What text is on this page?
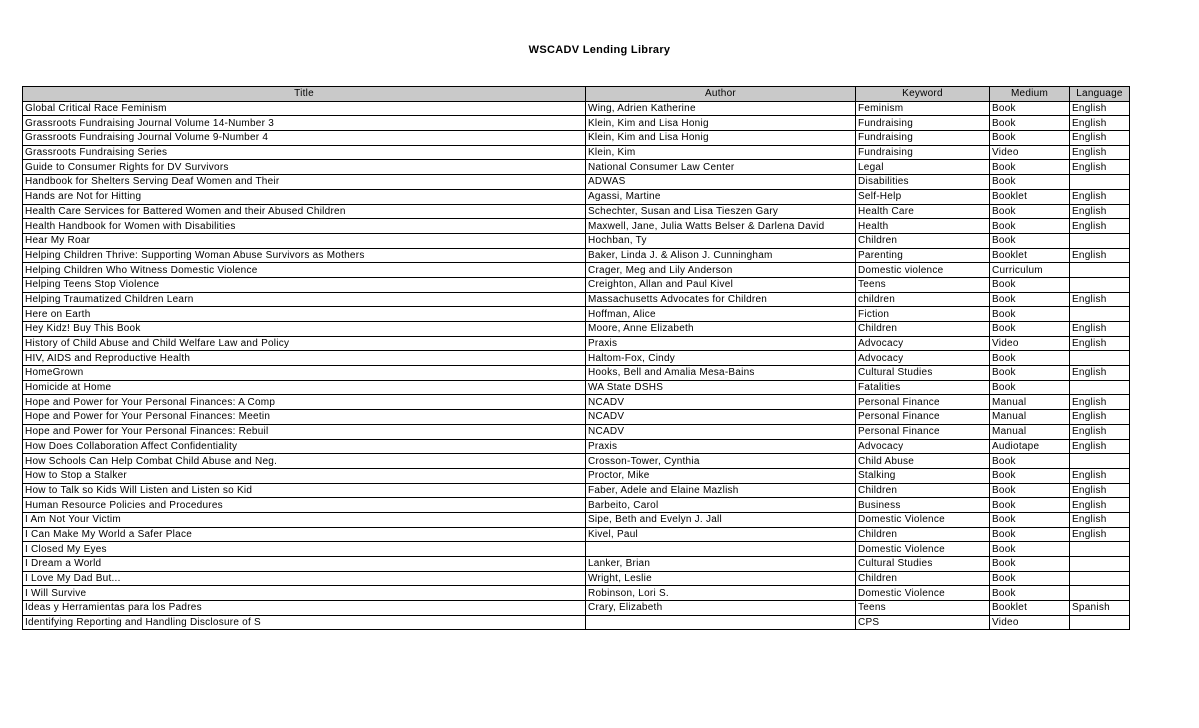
WSCADV Lending Library
Title	Author	Keyword	Medium	Language
Global Critical Race Feminism	Wing, Adrien Katherine	Feminism	Book	English
Grassroots Fundraising Journal Volume 14-Number 3	Klein, Kim and Lisa Honig	Fundraising	Book	English
Grassroots Fundraising Journal Volume 9-Number 4	Klein, Kim and Lisa Honig	Fundraising	Book	English
Grassroots Fundraising Series	Klein, Kim	Fundraising	Video	English
Guide to Consumer Rights for DV Survivors	National Consumer Law Center	Legal	Book	English
Handbook for Shelters Serving Deaf Women and Their	ADWAS	Disabilities	Book	
Hands are Not for Hitting	Agassi, Martine	Self-Help	Booklet	English
Health Care Services for Battered Women and their Abused Children	Schechter, Susan and Lisa Tieszen Gary	Health Care	Book	English
Health Handbook for Women with Disabilities	Maxwell, Jane, Julia Watts Belser & Darlena David	Health	Book	English
Hear My Roar	Hochban, Ty	Children	Book	
Helping Children Thrive: Supporting Woman Abuse Survivors as Mothers	Baker, Linda J. & Alison J. Cunningham	Parenting	Booklet	English
Helping Children Who Witness Domestic Violence	Crager, Meg and Lily Anderson	Domestic violence	Curriculum	
Helping Teens Stop Violence	Creighton, Allan and Paul Kivel	Teens	Book	
Helping Traumatized Children Learn	Massachusetts Advocates for Children	children	Book	English
Here on Earth	Hoffman, Alice	Fiction	Book	
Hey Kidz! Buy This Book	Moore, Anne Elizabeth	Children	Book	English
History of Child Abuse and Child Welfare Law and Policy	Praxis	Advocacy	Video	English
HIV, AIDS and Reproductive Health	Haltom-Fox, Cindy	Advocacy	Book	
HomeGrown	Hooks, Bell and Amalia Mesa-Bains	Cultural Studies	Book	English
Homicide at Home	WA State DSHS	Fatalities	Book	
Hope and Power for Your Personal Finances: A Comp	NCADV	Personal Finance	Manual	English
Hope and Power for Your Personal Finances: Meetin	NCADV	Personal Finance	Manual	English
Hope and Power for Your Personal Finances: Rebuil	NCADV	Personal Finance	Manual	English
How Does Collaboration Affect Confidentiality	Praxis	Advocacy	Audiotape	English
How Schools Can Help Combat Child Abuse and Neg.	Crosson-Tower, Cynthia	Child Abuse	Book	
How to Stop a Stalker	Proctor, Mike	Stalking	Book	English
How to Talk so Kids Will Listen and Listen so Kid	Faber, Adele and Elaine Mazlish	Children	Book	English
Human Resource Policies and Procedures	Barbeito, Carol	Business	Book	English
I Am Not Your Victim	Sipe, Beth and Evelyn J. Jall	Domestic Violence	Book	English
I Can Make My World a Safer Place	Kivel, Paul	Children	Book	English
I Closed My Eyes		Domestic Violence	Book	
I Dream a World	Lanker, Brian	Cultural Studies	Book	
I Love My Dad But...	Wright, Leslie	Children	Book	
I Will Survive	Robinson, Lori S.	Domestic Violence	Book	
Ideas y Herramientas para los Padres	Crary, Elizabeth	Teens	Booklet	Spanish
Identifying Reporting and Handling Disclosure of S		CPS	Video	
